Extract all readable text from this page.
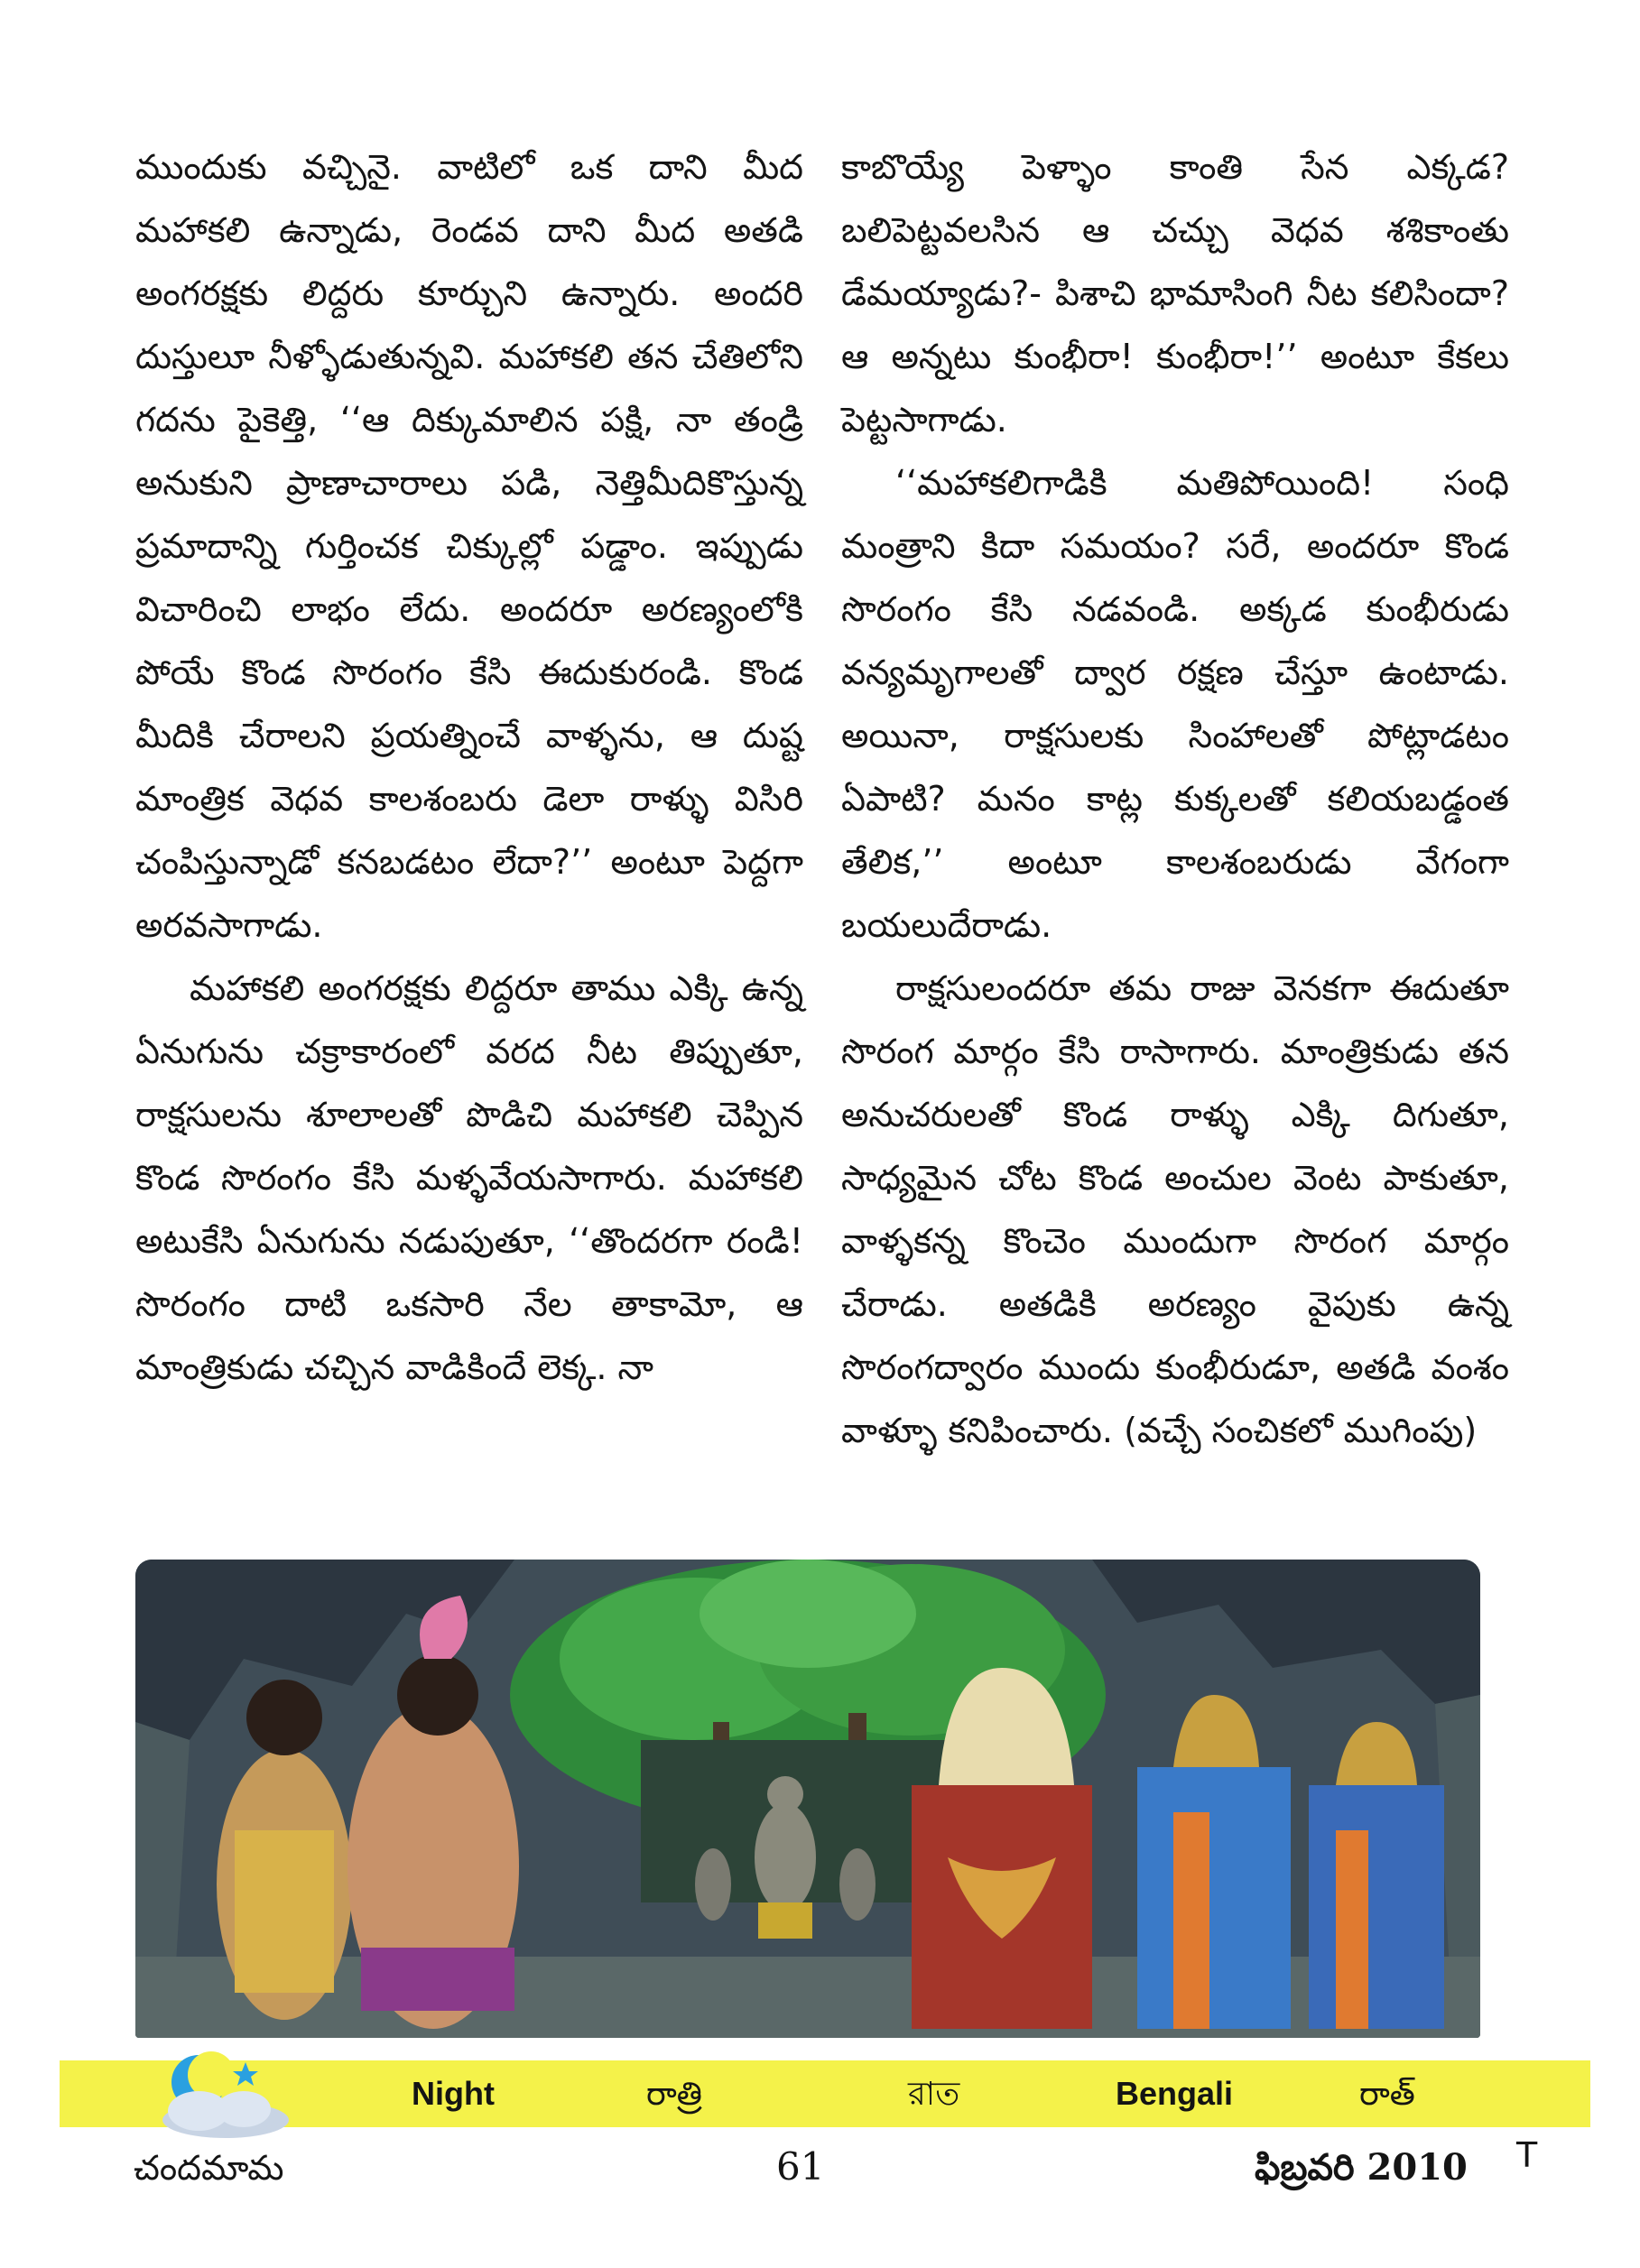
ముందుకు వచ్చినై. వాటిలో ఒక దాని మీద మహాకలి ఉన్నాడు, రెండవ దాని మీద అతడి అంగరక్షకు లిద్దరు కూర్చుని ఉన్నారు. అందరి దుస్తులూ నీళ్ళోడుతున్నవి. మహాకలి తన చేతిలోని గదను పైకెత్తి, ‘‘ఆ దిక్కుమాలిన పక్షి, నా తండ్రి అనుకుని ప్రాణాచారాలు పడి, నెత్తిమీదికొస్తున్న ప్రమాదాన్ని గుర్తించక చిక్కుల్లో పడ్డాం. ఇప్పుడు విచారించి లాభం లేదు. అందరూ అరణ్యంలోకి పోయే కొండ సొరంగం కేసి ఈదుకురండి. కొండ మీదికి చేరాలని ప్రయత్నించే వాళ్ళను, ఆ దుష్ట మాంత్రిక వెధవ కాలశంబరు డెలా రాళ్ళు విసిరి చంపిస్తున్నాడో కనబడటం లేదా?’’ అంటూ పెద్దగా అరవసాగాడు.

మహాకలి అంగరక్షకు లిద్దరూ తాము ఎక్కి ఉన్న ఏనుగును చక్రాకారంలో వరద నీట తిప్పుతూ, రాక్షసులను శూలాలతో పొడిచి మహాకలి చెప్పిన కొండ సొరంగం కేసి మళ్ళవేయసాగారు. మహాకలి అటుకేసి ఏనుగును నడుపుతూ, ‘‘తొందరగా రండి! సొరంగం దాటి ఒకసారి నేల తాకామో, ఆ మాంత్రికుడు చచ్చిన వాడికిందే లెక్క. నా

కాబొయ్యే పెళ్ళాం కాంతి సేన ఎక్కడ? బలిపెట్టవలసిన ఆ చచ్చు వెధవ శశికాంతు డేమయ్యాడు?- పిశాచి భామాసింగి నీట కలిసిందా? ఆ అన్నటు కుంభీరా! కుంభీరా!’’ అంటూ కేకలు పెట్టసాగాడు.

‘‘మహాకలిగాడికి మతిపోయింది! సంధి మంత్రాని కిదా సమయం? సరే, అందరూ కొండ సొరంగం కేసి నడవండి. అక్కడ కుంభీరుడు వన్యమృగాలతో ద్వార రక్షణ చేస్తూ ఉంటాడు. అయినా, రాక్షసులకు సింహాలతో పోట్లాడటం ఏపాటి? మనం కాట్ల కుక్కలతో కలియబడ్డంత తేలిక,’’ అంటూ కాలశంబరుడు వేగంగా బయలుదేరాడు.

రాక్షసులందరూ తమ రాజు వెనకగా ఈదుతూ సొరంగ మార్గం కేసి రాసాగారు. మాంత్రికుడు తన అనుచరులతో కొండ రాళ్ళు ఎక్కి దిగుతూ, సాధ్యమైన చోట కొండ అంచుల వెంట పాకుతూ, వాళ్ళకన్న కొంచెం ముందుగా సొరంగ మార్గం చేరాడు. అతడికి అరణ్యం వైపుకు ఉన్న సొరంగద్వారం ముందు కుంభీరుడూ, అతడి వంశం వాళ్ళూ కనిపించారు. (వచ్చే సంచికలో ముగింపు)

Night	రాత్రి	রাত	Bengali	రాత్
చందమామ	61	ఫిబ్రవరి 2010 T
